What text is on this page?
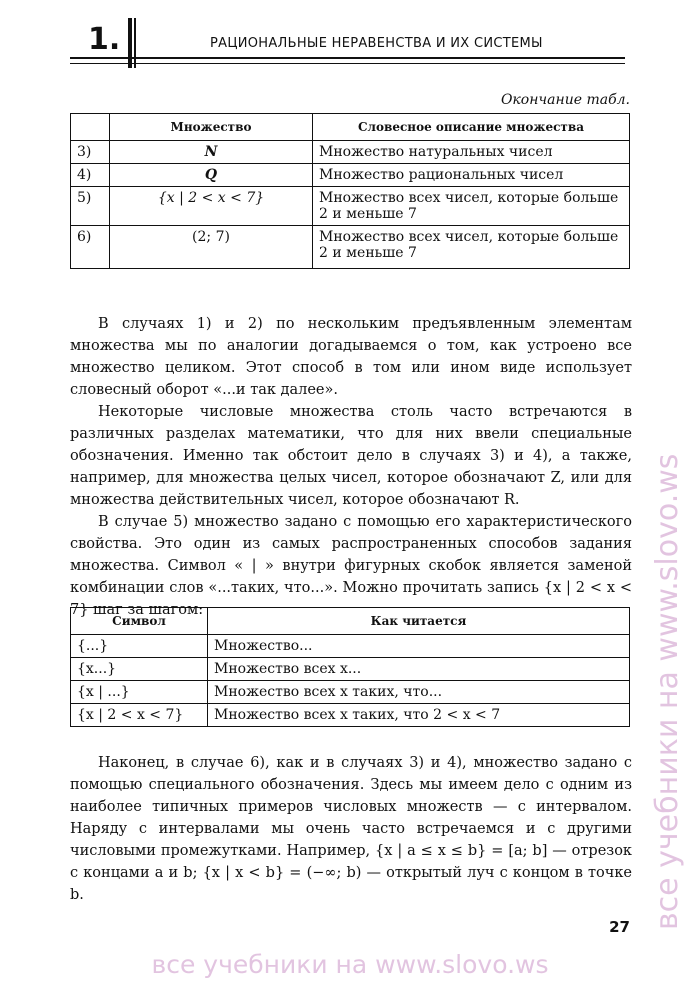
1.	РАЦИОНАЛЬНЫЕ НЕРАВЕНСТВА И ИХ СИСТЕМЫ
Окончание табл.
	Множество	Словесное описание множества
3)	N	Множество натуральных чисел
4)	Q	Множество рациональных чисел
5)	{x | 2 < x < 7}	Множество всех чисел, которые больше 2 и меньше 7
6)	(2; 7)	Множество всех чисел, которые больше 2 и меньше 7

В случаях 1) и 2) по нескольким предъявленным элементам множества мы по аналогии догадываемся о том, как устроено все множество целиком. Этот способ в том или ином виде использует словесный оборот «...и так далее».

Некоторые числовые множества столь часто встречаются в различных разделах математики, что для них ввели специальные обозначения. Именно так обстоит дело в случаях 3) и 4), а также, например, для множества целых чисел, которое обозначают Z, или для множества действительных чисел, которое обозначают R.

В случае 5) множество задано с помощью его характеристического свойства. Это один из самых распространенных способов задания множества. Символ « | » внутри фигурных скобок является заменой комбинации слов «...таких, что...». Можно прочитать запись {x | 2 < x < 7} шаг за шагом:

Символ	Как читается
{...}	Множество...
{x...}	Множество всех x...
{x | ...}	Множество всех x таких, что...
{x | 2 < x < 7}	Множество всех x таких, что 2 < x < 7

Наконец, в случае 6), как и в случаях 3) и 4), множество задано с помощью специального обозначения. Здесь мы имеем дело с одним из наиболее типичных примеров числовых множеств — с интервалом. Наряду с интервалами мы очень часто встречаемся и с другими числовыми промежутками. Например, {x | a ≤ x ≤ b} = [a; b] — отрезок с концами a и b; {x | x < b} = (−∞; b) — открытый луч с концом в точке b.

27 все учебники на www.slovo.ws
все учебники на www.slovo.ws
